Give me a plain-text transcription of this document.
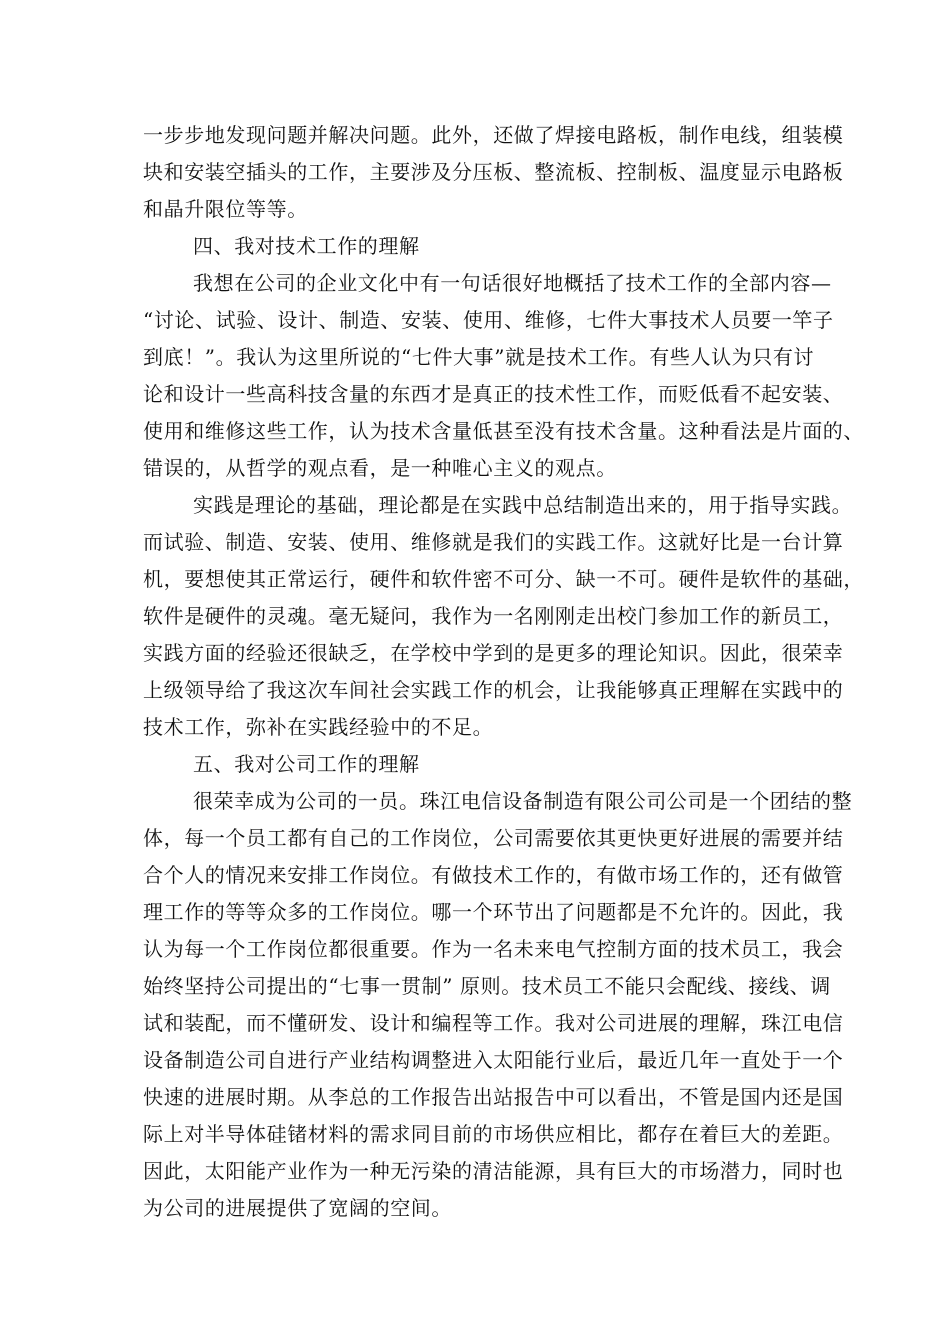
一步步地发现问题并解决问题。此外，还做了焊接电路板，制作电线，组装模
块和安装空插头的工作，主要涉及分压板、整流板、控制板、温度显示电路板
和晶升限位等等。
四、我对技术工作的理解
我想在公司的企业文化中有一句话很好地概括了技术工作的全部内容—
“讨论、试验、设计、制造、安装、使用、维修，七件大事技术人员要一竿子
到底！”。我认为这里所说的“七件大事”就是技术工作。有些人认为只有讨
论和设计一些高科技含量的东西才是真正的技术性工作，而贬低看不起安装、
使用和维修这些工作，认为技术含量低甚至没有技术含量。这种看法是片面的、
错误的，从哲学的观点看，是一种唯心主义的观点。
实践是理论的基础，理论都是在实践中总结制造出来的，用于指导实践。
而试验、制造、安装、使用、维修就是我们的实践工作。这就好比是一台计算
机，要想使其正常运行，硬件和软件密不可分、缺一不可。硬件是软件的基础，
软件是硬件的灵魂。毫无疑问，我作为一名刚刚走出校门参加工作的新员工，
实践方面的经验还很缺乏，在学校中学到的是更多的理论知识。因此，很荣幸
上级领导给了我这次车间社会实践工作的机会，让我能够真正理解在实践中的
技术工作，弥补在实践经验中的不足。
五、我对公司工作的理解
很荣幸成为公司的一员。珠江电信设备制造有限公司公司是一个团结的整
体，每一个员工都有自己的工作岗位，公司需要依其更快更好进展的需要并结
合个人的情况来安排工作岗位。有做技术工作的，有做市场工作的，还有做管
理工作的等等众多的工作岗位。哪一个环节出了问题都是不允许的。因此，我
认为每一个工作岗位都很重要。作为一名未来电气控制方面的技术员工，我会
始终坚持公司提出的“七事一贯制” 原则。技术员工不能只会配线、接线、调
试和装配，而不懂研发、设计和编程等工作。我对公司进展的理解，珠江电信
设备制造公司自进行产业结构调整进入太阳能行业后，最近几年一直处于一个
快速的进展时期。从李总的工作报告出站报告中可以看出，不管是国内还是国
际上对半导体硅锗材料的需求同目前的市场供应相比，都存在着巨大的差距。
因此，太阳能产业作为一种无污染的清洁能源，具有巨大的市场潜力，同时也
为公司的进展提供了宽阔的空间。
